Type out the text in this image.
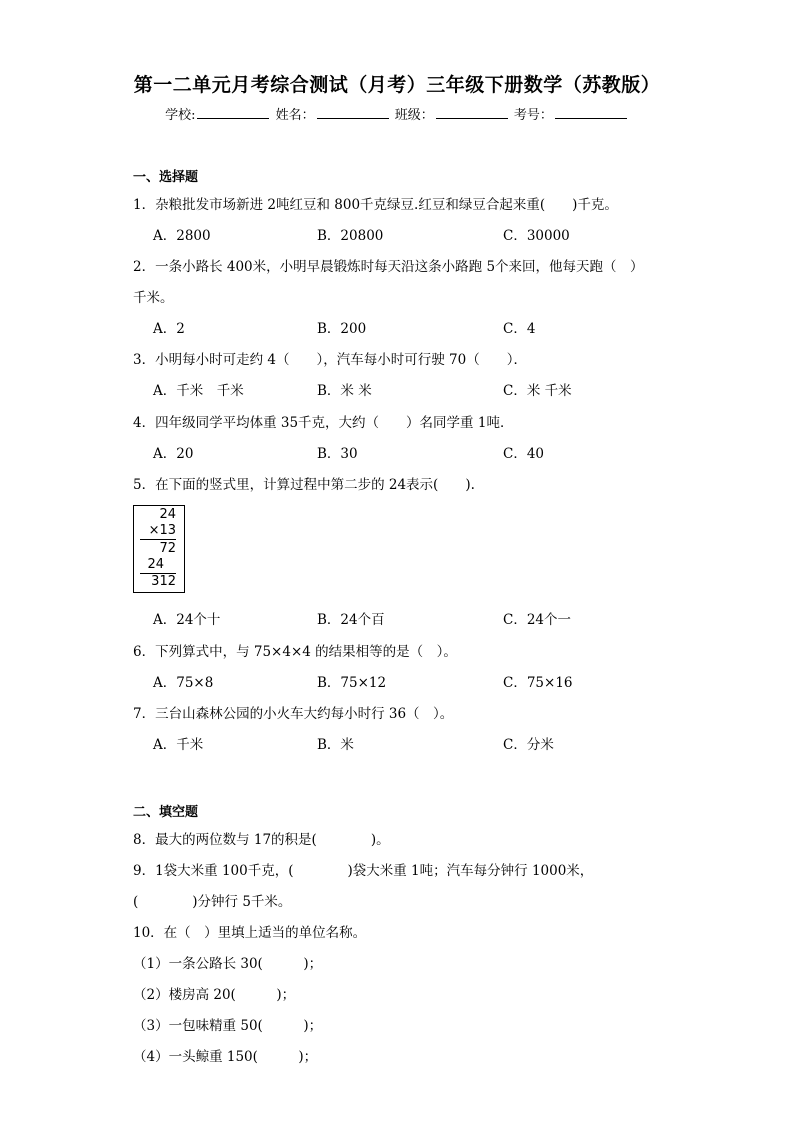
第一二单元月考综合测试（月考）三年级下册数学（苏教版）
学校:	姓名：	班级：	考号：
一、选择题
1．杂粮批发市场新进 2吨红豆和 800千克绿豆.红豆和绿豆合起来重(　　)千克。
A．2800	B．20800	C．30000
2．一条小路长 400米，小明早晨锻炼时每天沿这条小路跑 5个来回，他每天跑（　）
千米。
A．2	B．200	C．4
3．小明每小时可走约 4（　　），汽车每小时可行驶 70（　　）．
A．千米　千米	B．米 米	C．米 千米
4．四年级同学平均体重 35千克，大约（　　）名同学重 1吨．
A．20	B．30	C．40
5．在下面的竖式里，计算过程中第二步的 24表示(　　).
24
×13
72
24
312
A．24个十	B．24个百	C．24个一
6．下列算式中，与 75×4×4 的结果相等的是（　）。
A．75×8	B．75×12	C．75×16
7．三台山森林公园的小火车大约每小时行 36（　）。
A．千米	B．米	C．分米
二、填空题
8．最大的两位数与 17的积是(　　　　)。
9．1袋大米重 100千克，(　　　　)袋大米重 1吨；汽车每分钟行 1000米，
(　　　　)分钟行 5千米。
10．在（　）里填上适当的单位名称。
（1）一条公路长 30(　　　)；
（2）楼房高 20(　　　)；
（3）一包味精重 50(　　　)；
（4）一头鲸重 150(　　　)；
